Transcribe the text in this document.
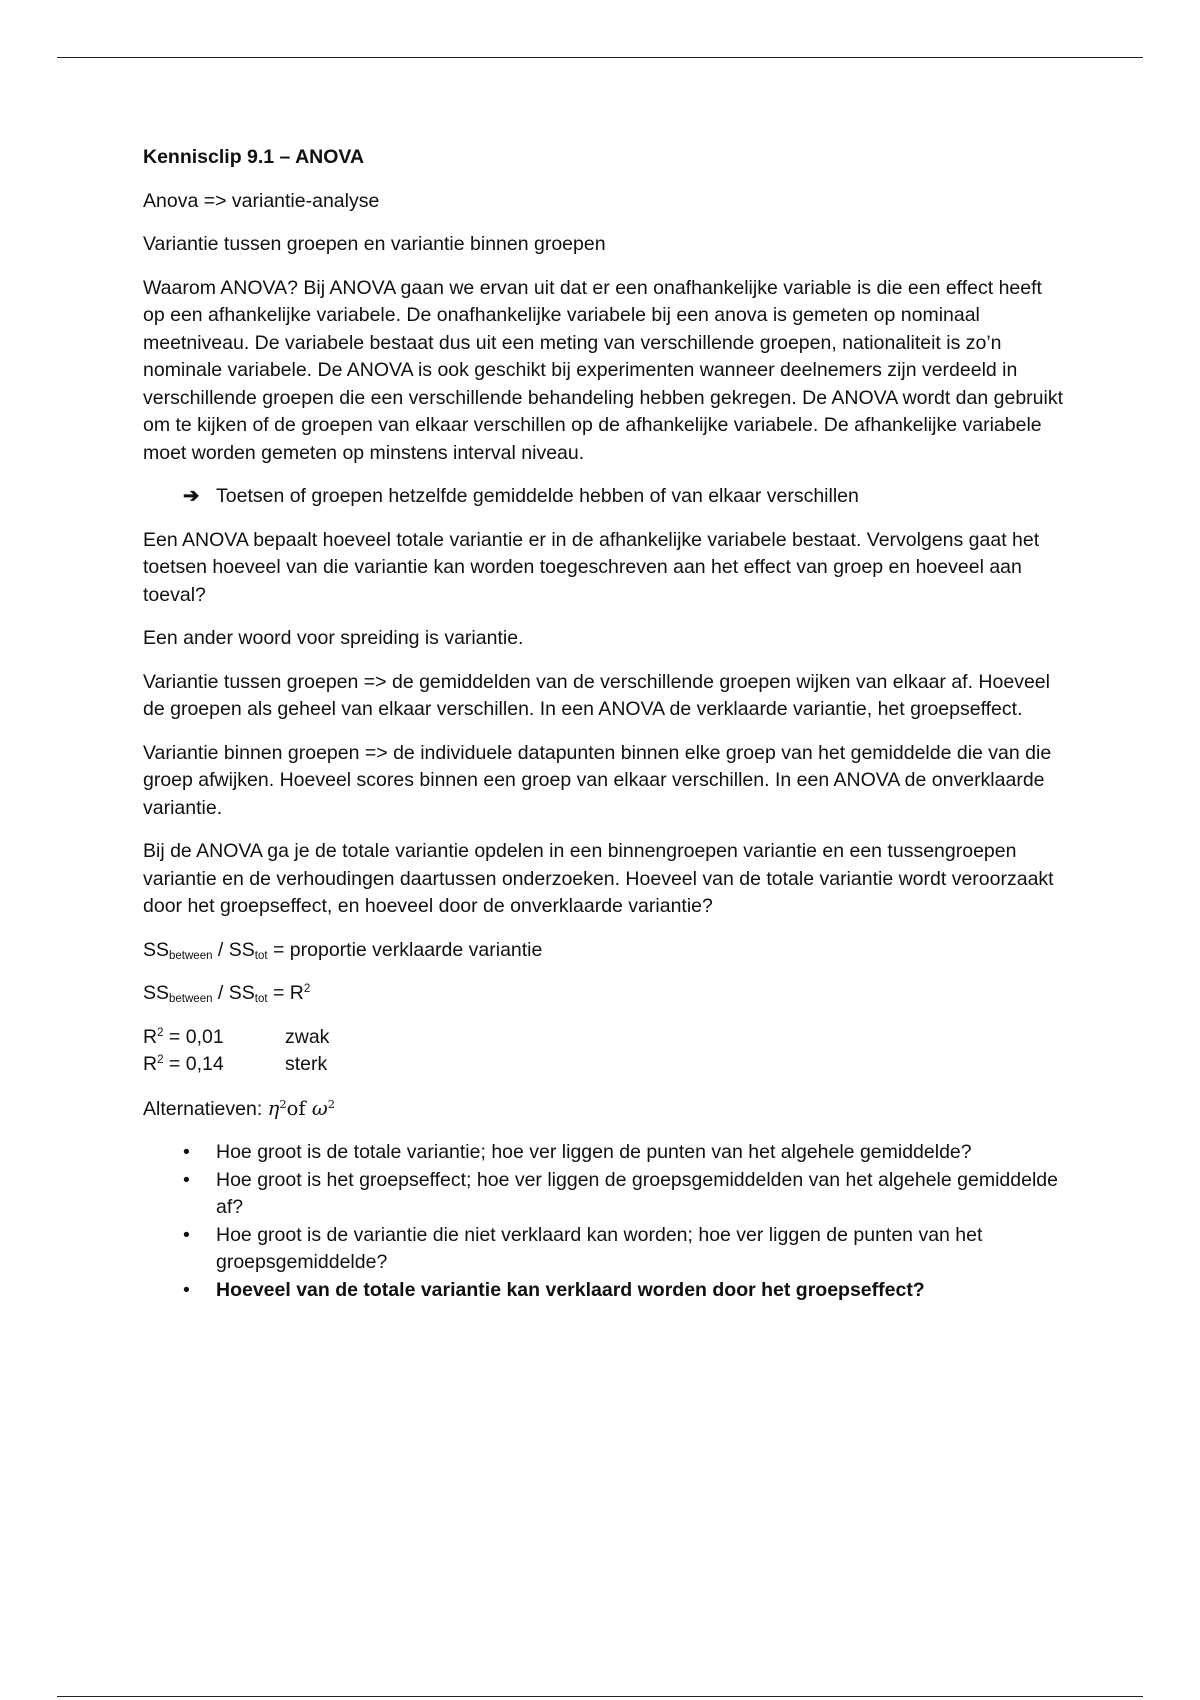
Kennisclip 9.1 – ANOVA

Anova => variantie-analyse

Variantie tussen groepen en variantie binnen groepen

Waarom ANOVA? Bij ANOVA gaan we ervan uit dat er een onafhankelijke variable is die een effect heeft op een afhankelijke variabele. De onafhankelijke variabele bij een anova is gemeten op nominaal meetniveau. De variabele bestaat dus uit een meting van verschillende groepen, nationaliteit is zo’n nominale variabele. De ANOVA is ook geschikt bij experimenten wanneer deelnemers zijn verdeeld in verschillende groepen die een verschillende behandeling hebben gekregen. De ANOVA wordt dan gebruikt om te kijken of de groepen van elkaar verschillen op de afhankelijke variabele. De afhankelijke variabele moet worden gemeten op minstens interval niveau.

➔ Toetsen of groepen hetzelfde gemiddelde hebben of van elkaar verschillen

Een ANOVA bepaalt hoeveel totale variantie er in de afhankelijke variabele bestaat. Vervolgens gaat het toetsen hoeveel van die variantie kan worden toegeschreven aan het effect van groep en hoeveel aan toeval?

Een ander woord voor spreiding is variantie.

Variantie tussen groepen => de gemiddelden van de verschillende groepen wijken van elkaar af. Hoeveel de groepen als geheel van elkaar verschillen. In een ANOVA de verklaarde variantie, het groepseffect.

Variantie binnen groepen => de individuele datapunten binnen elke groep van het gemiddelde die van die groep afwijken. Hoeveel scores binnen een groep van elkaar verschillen. In een ANOVA de onverklaarde variantie.

Bij de ANOVA ga je de totale variantie opdelen in een binnengroepen variantie en een tussengroepen variantie en de verhoudingen daartussen onderzoeken. Hoeveel van de totale variantie wordt veroorzaakt door het groepseffect, en hoeveel door de onverklaarde variantie?

$SS_{between} / SS_{tot}$ = proportie verklaarde variantie

$SS_{between} / SS_{tot} = R^2$

$R^2 = 0,01$	zwak
$R^2 = 0,14$	sterk

Alternatieven: $\eta^2of$ $\omega^2$

•	Hoe groot is de totale variantie; hoe ver liggen de punten van het algehele gemiddelde?
•	Hoe groot is het groepseffect; hoe ver liggen de groepsgemiddelden van het algehele gemiddelde af?
•	Hoe groot is de variantie die niet verklaard kan worden; hoe ver liggen de punten van het groepsgemiddelde?
•	Hoeveel van de totale variantie kan verklaard worden door het groepseffect?
